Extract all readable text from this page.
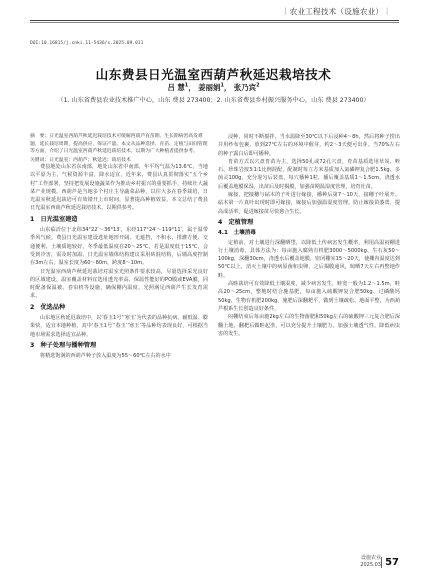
｜农业工程技术（设施农业）｜
DOI:10.16815/j.cnki.11-5436/s.2025.09.011
山东费县日光温室西葫芦秋延迟栽培技术
吕 慧$^1$， 姜丽娟$^1$， 张乃宾$^2$
（1. 山东省费县农业技术推广中心，山东 费县 273400；2. 山东省费县乡村振兴服务中心，山东 费县 273400）
摘　要：日光温室西葫芦秋延迟栽培技术可缓解西葫芦育苗期、生长期病害高发难题，延长栽培周期，提高供应，保证产量。本文从品种选择、育苗、定植与田间管理等方面，介绍了日光温室西葫芦秋延迟栽培技术，以期为广大种植者提供参考。
关键词：日光温室；西葫芦；秋延迟；栽培技术

费县地处山东省东南部，地处山东省中南部，年平均气温为13.6℃，当地以平原为主，气候资源丰富，降水适宜，近年来，费县认真贯彻落实“五个乡村”工作部署，坚持把发展设施蔬菜作为推动乡村振兴的重要抓手，持续壮大蔬菜产业规模。西葫芦是当地多个村庄主导蔬菜品种，以往大多在春季栽培，日光温室秋延迟栽培可有效错开上市时间，显著提高种植效益，本文总结了费县日光温室西葫芦秋延迟栽培技术，以期供参考。

1　日光温室建造

山东临沂位于北纬34°22′～36°13′，东经117°24′～119°11′，属于温带季风气候。费县日光温室建设选址地形开阔、无遮挡，不积水，排灌方便、交通便利、土壤质地较好，冬季最低温度在20～25℃，若是温度低于15℃，会受到冷害，需及时加温。日光温室墙体结构建议采用砖混结构，后墙高度控制在3m左右，温室长度为60～80m，跨度8～10m。

日光温室西葫芦秋延迟栽培对温室光照条件要求较高，尽量选择采光良好的区域建设，温室覆盖材料宜选用透光率高、保温性能好的PO膜或EVA膜，同时配备保温被、卷帘机等设施，确保棚内温度、光照满足西葫芦生长发育需求。

2　优选品种

山东地区秋延迟栽培中，以‘春玉1号’‘寒玉’为代表的品种抗病、耐低温、膨果快，适宜本地种植，其中‘春玉1号’‘春玉’‘寒玉’等品种均表现良好，可根据当地市场需求选择适宜品种。

3　种子处理与播种管理

将精选饱满的西葫芦种子放入温度为55～60℃左右的水中

浸种，同时不断搅拌，当水温降至30℃以下后浸种4～8h，然后将种子捞出并用纱布包裹，放到27℃左右的环境中催芽，约2～3天便可出芽。当70%左右的种子露白后即可播种。

育苗方式以穴盘育苗为主，选择50孔或72孔穴盘，育苗基质选用草炭、蛭石、珍珠岩按3∶1∶1比例混配，配制时每立方米基质加入氮磷钾复合肥1.5kg、多菌灵100g，充分混匀后装盘，每穴播种1粒，播后覆盖基质1～1.5cm，浇透水后覆盖地膜保湿，出苗后及时揭膜，加强苗期温湿度管理，培育壮苗。

嫁接，把接穗与砧木的子叶进行嫁接，播种后第7～10天，接穗子叶展开、砧木第一片真叶出现时即可嫁接，嫁接后加强温湿度管理，防止嫁接苗萎蔫，提高成活率，促进嫁接苗尽快愈合生长。

4　定植管理
4.1　土壤消毒

定植前，对土壤进行深翻晒垡，以降低土传病害发生概率，利用高温闷棚进行土壤消毒，具体方法为：每亩施入腐熟有机肥3000～5000kg、生石灰50～100kg，深翻30cm，浇透水后覆盖地膜，密闭棚室15～20天，使棚内温度达到50℃以上，消灭土壤中的病原菌和虫卵，之后揭膜通风，晾晒7天左右再整地作畦。

高畦栽培可有效降低土壤湿度，减少病害发生，畦宽一般为1.2～1.5m，畦高20～25cm，整地时结合施基肥，每亩施入硫酸钾复合肥50kg、过磷酸钙50kg、生物有机肥200kg，施肥后深翻耙平，做到土壤疏松、地面平整，为西葫芦根系生长创造良好条件。

闷棚结束后每亩施2kg左右的生物菌肥和50kg左右的硫酸钾三元复合肥后深翻土地，翻耙后做畦起垄，可以充分提升土壤肥力，加强土壤透气性，降低病虫害的发生。

设施农业
2025.03 57
